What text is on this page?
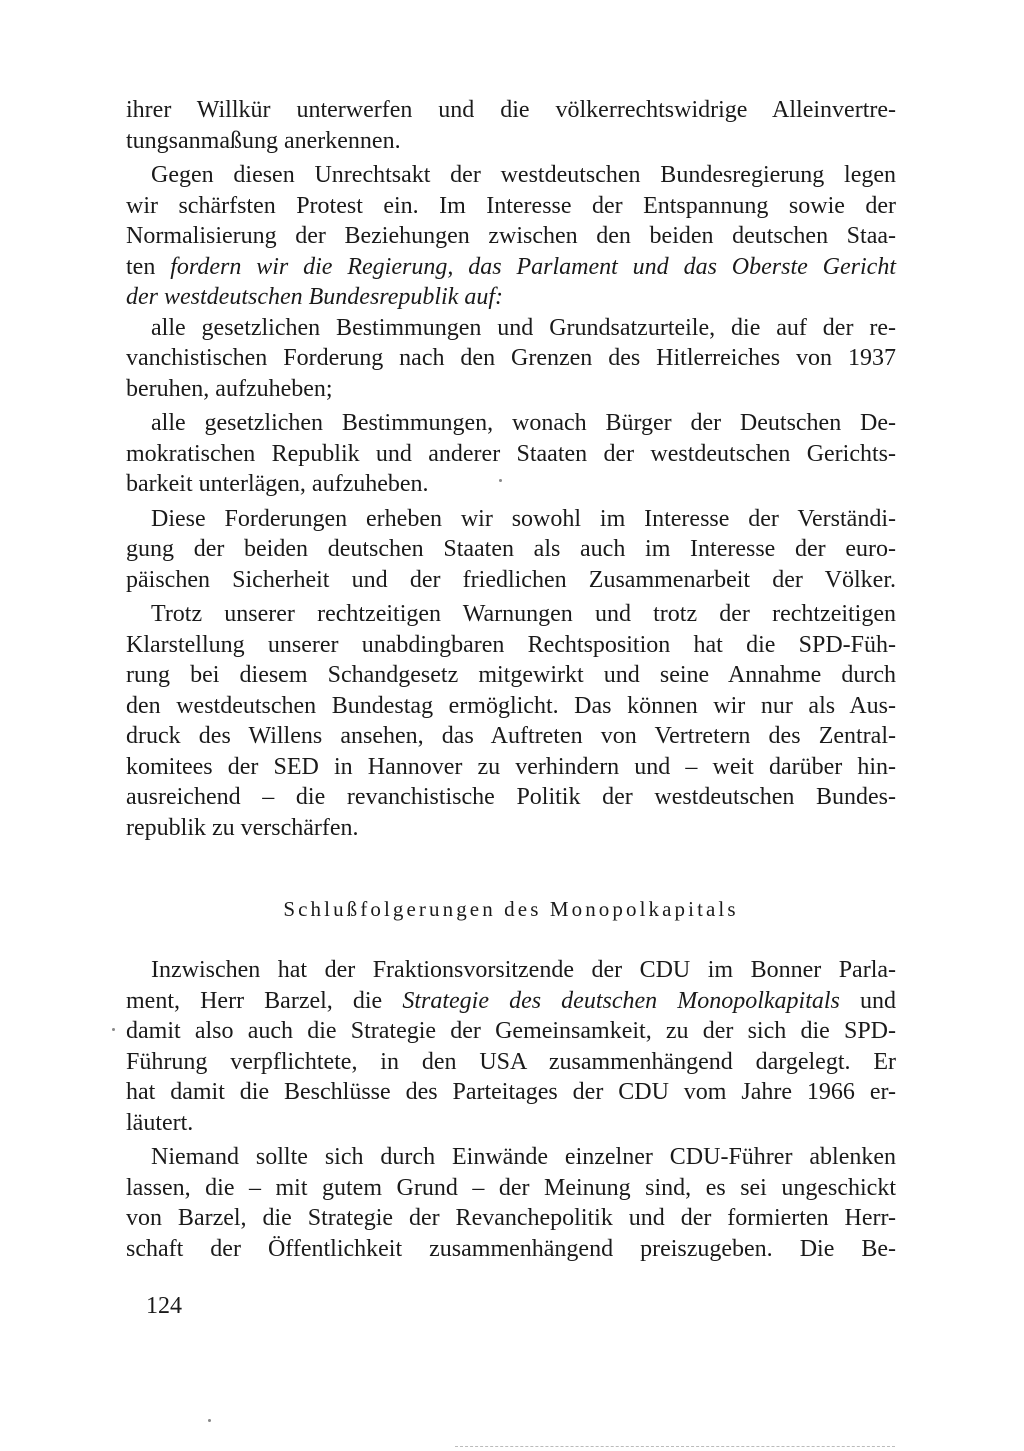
ihrer Willkür unterwerfen und die völkerrechtswidrige Alleinvertre-
tungsanmaßung anerkennen.
Gegen diesen Unrechtsakt der westdeutschen Bundesregierung legen
wir schärfsten Protest ein. Im Interesse der Entspannung sowie der
Normalisierung der Beziehungen zwischen den beiden deutschen Staa-
ten fordern wir die Regierung, das Parlament und das Oberste Gericht
der westdeutschen Bundesrepublik auf:
alle gesetzlichen Bestimmungen und Grundsatzurteile, die auf der re-
vanchistischen Forderung nach den Grenzen des Hitlerreiches von 1937
beruhen, aufzuheben;
alle gesetzlichen Bestimmungen, wonach Bürger der Deutschen De-
mokratischen Republik und anderer Staaten der westdeutschen Gerichts-
barkeit unterlägen, aufzuheben.
Diese Forderungen erheben wir sowohl im Interesse der Verständi-
gung der beiden deutschen Staaten als auch im Interesse der euro-
päischen Sicherheit und der friedlichen Zusammenarbeit der Völker.
Trotz unserer rechtzeitigen Warnungen und trotz der rechtzeitigen
Klarstellung unserer unabdingbaren Rechtsposition hat die SPD-Füh-
rung bei diesem Schandgesetz mitgewirkt und seine Annahme durch
den westdeutschen Bundestag ermöglicht. Das können wir nur als Aus-
druck des Willens ansehen, das Auftreten von Vertretern des Zentral-
komitees der SED in Hannover zu verhindern und – weit darüber hin-
ausreichend – die revanchistische Politik der westdeutschen Bundes-
republik zu verschärfen.
Schlußfolgerungen des Monopolkapitals
Inzwischen hat der Fraktionsvorsitzende der CDU im Bonner Parla-
ment, Herr Barzel, die Strategie des deutschen Monopolkapitals und
damit also auch die Strategie der Gemeinsamkeit, zu der sich die SPD-
Führung verpflichtete, in den USA zusammenhängend dargelegt. Er
hat damit die Beschlüsse des Parteitages der CDU vom Jahre 1966 er-
läutert.
Niemand sollte sich durch Einwände einzelner CDU-Führer ablenken
lassen, die – mit gutem Grund – der Meinung sind, es sei ungeschickt
von Barzel, die Strategie der Revanchepolitik und der formierten Herr-
schaft der Öffentlichkeit zusammenhängend preiszugeben. Die Be-
124
